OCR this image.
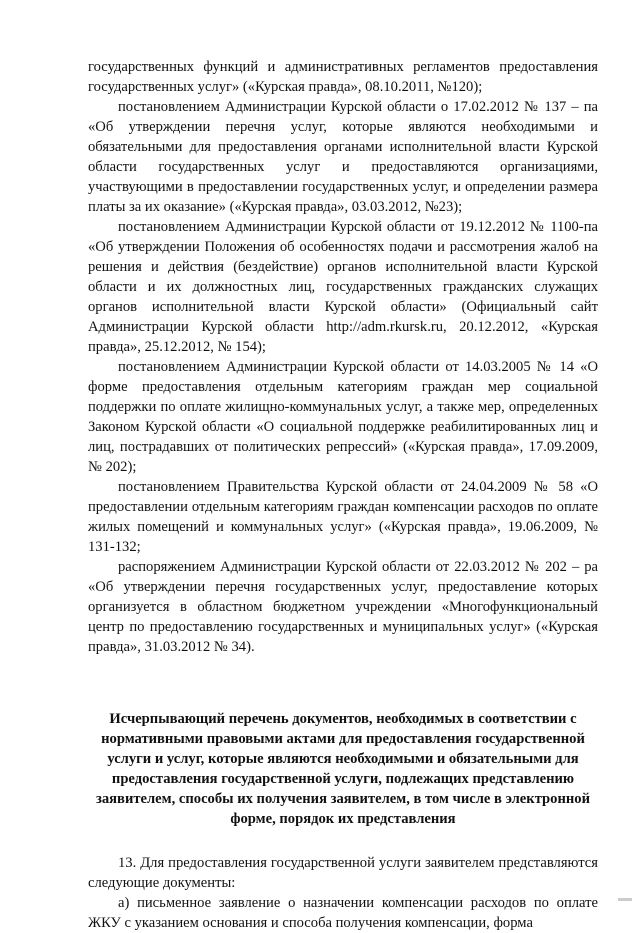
государственных функций и административных регламентов предоставления государственных услуг» («Курская правда», 08.10.2011, №120);

постановлением Администрации Курской области о 17.02.2012 № 137 – па «Об утверждении перечня услуг, которые являются необходимыми и обязательными для предоставления органами исполнительной власти Курской области государственных услуг и предоставляются организациями, участвующими в предоставлении государственных услуг, и определении размера платы за их оказание» («Курская правда», 03.03.2012, №23);

постановлением Администрации Курской области от 19.12.2012 № 1100-па «Об утверждении Положения об особенностях подачи и рассмотрения жалоб на решения и действия (бездействие) органов исполнительной власти Курской области и их должностных лиц, государственных гражданских служащих органов исполнительной власти Курской области» (Официальный сайт Администрации Курской области http://adm.rkursk.ru, 20.12.2012, «Курская правда», 25.12.2012, № 154);

постановлением Администрации Курской области от 14.03.2005 № 14 «О форме предоставления отдельным категориям граждан мер социальной поддержки по оплате жилищно-коммунальных услуг, а также мер, определенных Законом Курской области «О социальной поддержке реабилитированных лиц и лиц, пострадавших от политических репрессий» («Курская правда», 17.09.2009, № 202);

постановлением Правительства Курской области от 24.04.2009 № 58 «О предоставлении отдельным категориям граждан компенсации расходов по оплате жилых помещений и коммунальных услуг» («Курская правда», 19.06.2009, № 131-132;

распоряжением Администрации Курской области от 22.03.2012 № 202 – ра «Об утверждении перечня государственных услуг, предоставление которых организуется в областном бюджетном учреждении «Многофункциональный центр по предоставлению государственных и муниципальных услуг» («Курская правда», 31.03.2012 № 34).

Исчерпывающий перечень документов, необходимых в соответствии с нормативными правовыми актами для предоставления государственной услуги и услуг, которые являются необходимыми и обязательными для предоставления государственной услуги, подлежащих представлению заявителем, способы их получения заявителем, в том числе в электронной форме, порядок их представления

13. Для предоставления государственной услуги заявителем представляются следующие документы:

а) письменное заявление о назначении компенсации расходов по оплате ЖКУ с указанием основания и способа получения компенсации, форма
